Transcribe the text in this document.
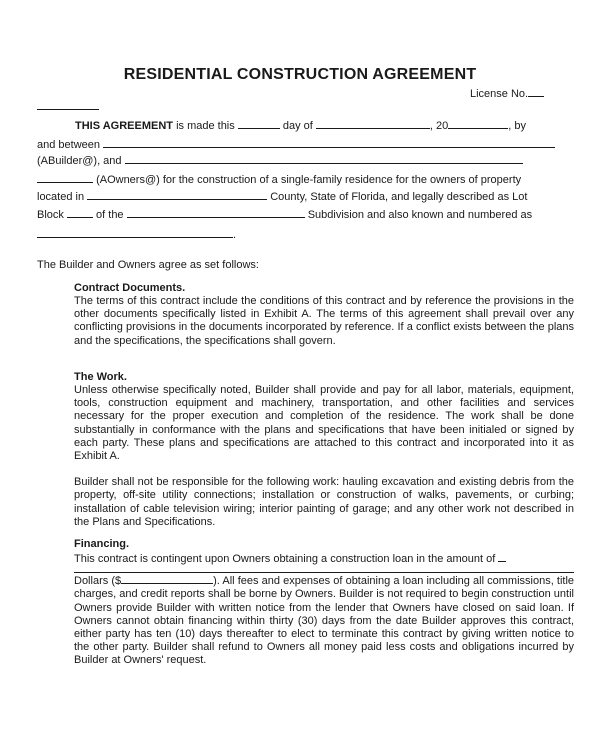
RESIDENTIAL CONSTRUCTION AGREEMENT
License No.
THIS AGREEMENT is made this	day of	, 20	, by
and between
(ABuilder@), and
(AOwners@) for the construction of a single-family residence for the owners of property
located in	County, State of Florida, and legally described as Lot
Block	of the	Subdivision and also known and numbered as
.
The Builder and Owners agree as set follows:
Contract Documents.

The terms of this contract include the conditions of this contract and by reference the provisions in the other documents specifically listed in Exhibit A. The terms of this agreement shall prevail over any conflicting provisions in the documents incorporated by reference. If a conflict exists between the plans and the specifications, the specifications shall govern.

The Work.

Unless otherwise specifically noted, Builder shall provide and pay for all labor, materials, equipment, tools, construction equipment and machinery, transportation, and other facilities and services necessary for the proper execution and completion of the residence. The work shall be done substantially in conformance with the plans and specifications that have been initialed or signed by each party. These plans and specifications are attached to this contract and incorporated into it as Exhibit A.

Builder shall not be responsible for the following work: hauling excavation and existing debris from the property, off-site utility connections; installation or construction of walks, pavements, or curbing; installation of cable television wiring; interior painting of garage; and any other work not described in the Plans and Specifications.

Financing.

This contract is contingent upon Owners obtaining a construction loan in the amount of

Dollars ($	). All fees and expenses of obtaining a loan including all commissions, title charges, and credit reports shall be borne by Owners. Builder is not required to begin construction until Owners provide Builder with written notice from the lender that Owners have closed on said loan. If Owners cannot obtain financing within thirty (30) days from the date Builder approves this contract, either party has ten (10) days thereafter to elect to terminate this contract by giving written notice to the other party. Builder shall refund to Owners all money paid less costs and obligations incurred by Builder at Owners' request.
